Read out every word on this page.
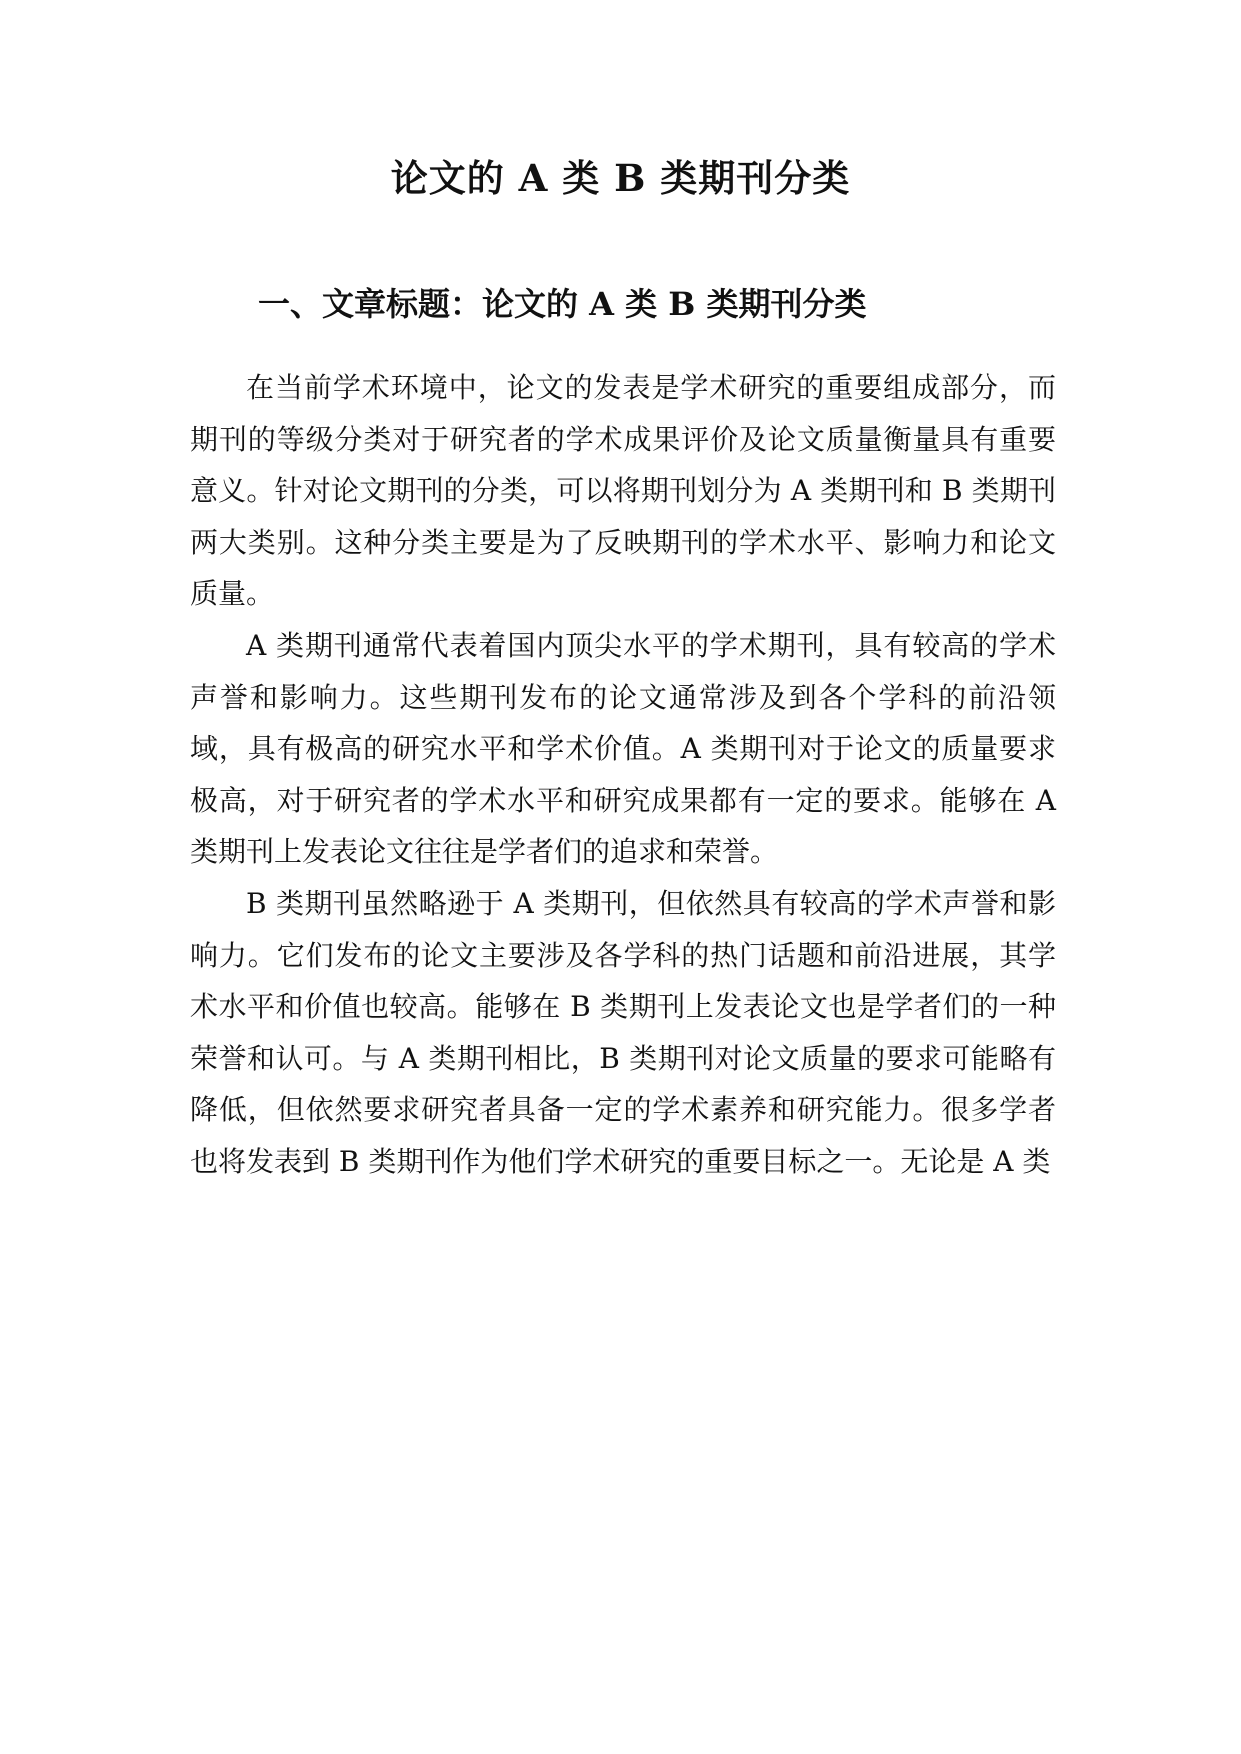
论文的 A 类 B 类期刊分类
一、文章标题：论文的 A 类 B 类期刊分类

在当前学术环境中，论文的发表是学术研究的重要组成部分，而期刊的等级分类对于研究者的学术成果评价及论文质量衡量具有重要意义。针对论文期刊的分类，可以将期刊划分为 A 类期刊和 B 类期刊两大类别。这种分类主要是为了反映期刊的学术水平、影响力和论文质量。

A 类期刊通常代表着国内顶尖水平的学术期刊，具有较高的学术声誉和影响力。这些期刊发布的论文通常涉及到各个学科的前沿领域，具有极高的研究水平和学术价值。A 类期刊对于论文的质量要求极高，对于研究者的学术水平和研究成果都有一定的要求。能够在 A 类期刊上发表论文往往是学者们的追求和荣誉。

B 类期刊虽然略逊于 A 类期刊，但依然具有较高的学术声誉和影响力。它们发布的论文主要涉及各学科的热门话题和前沿进展，其学术水平和价值也较高。能够在 B 类期刊上发表论文也是学者们的一种荣誉和认可。与 A 类期刊相比，B 类期刊对论文质量的要求可能略有降低，但依然要求研究者具备一定的学术素养和研究能力。很多学者也将发表到 B 类期刊作为他们学术研究的重要目标之一。无论是 A 类
